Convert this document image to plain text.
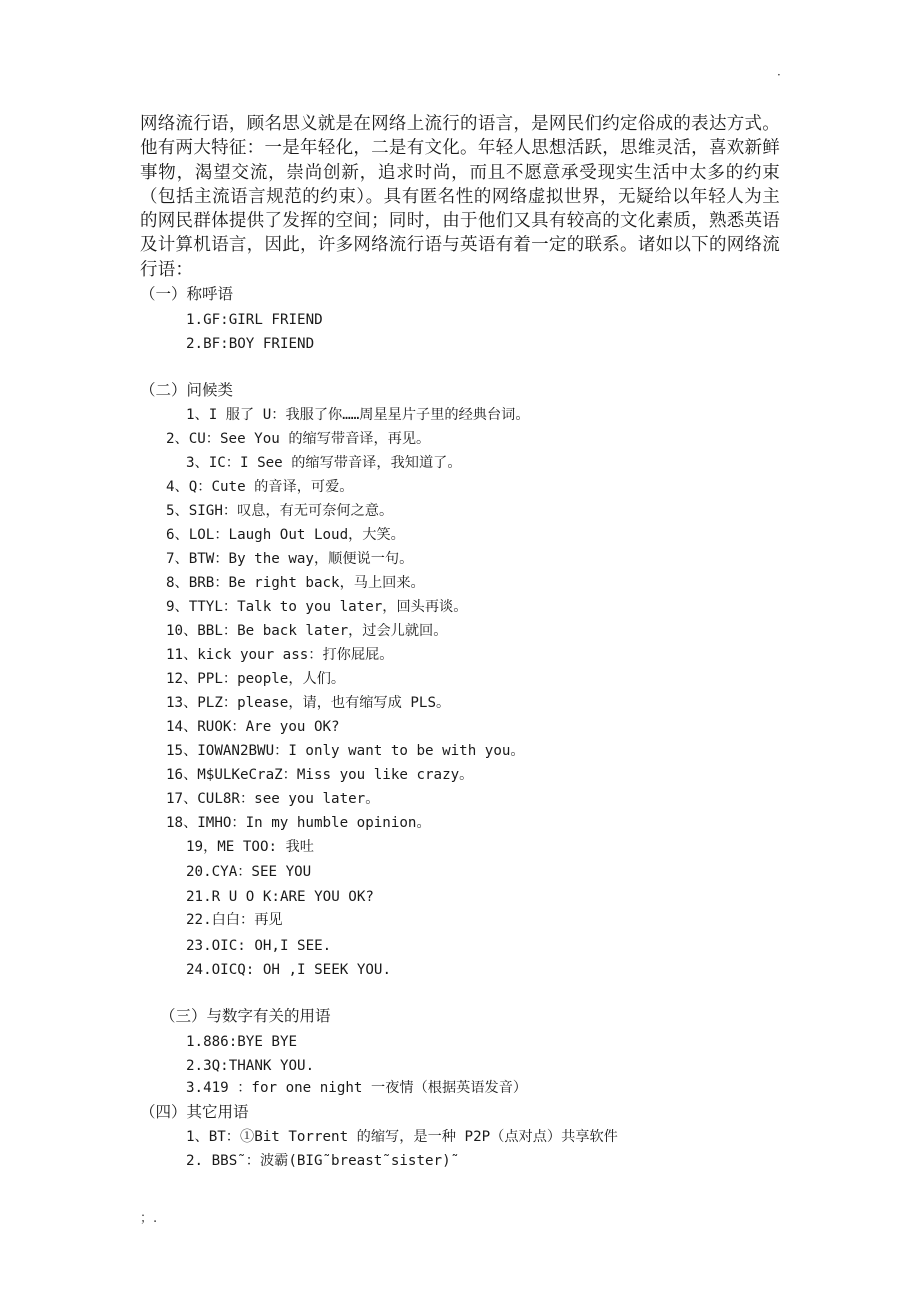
·
网络流行语，顾名思义就是在网络上流行的语言，是网民们约定俗成的表达方式。他有两大特征：一是年轻化，二是有文化。年轻人思想活跃，思维灵活，喜欢新鲜事物，渴望交流，崇尚创新，追求时尚，而且不愿意承受现实生活中太多的约束（包括主流语言规范的约束）。具有匿名性的网络虚拟世界，无疑给以年轻人为主的网民群体提供了发挥的空间；同时，由于他们又具有较高的文化素质，熟悉英语及计算机语言，因此，许多网络流行语与英语有着一定的联系。诸如以下的网络流行语：
（一）称呼语
1.GF:GIRL FRIEND
2.BF:BOY FRIEND
（二）问候类
1、I 服了 U：我服了你……周星星片子里的经典台词。
2、CU：See You 的缩写带音译，再见。
3、IC：I See 的缩写带音译，我知道了。
4、Q：Cute 的音译，可爱。
5、SIGH：叹息，有无可奈何之意。
6、LOL：Laugh Out Loud，大笑。
7、BTW：By the way，顺便说一句。
8、BRB：Be right back，马上回来。
9、TTYL：Talk to you later，回头再谈。
10、BBL：Be back later，过会儿就回。
11、kick your ass：打你屁屁。
12、PPL：people，人们。
13、PLZ：please，请，也有缩写成 PLS。
14、RUOK：Are you OK?
15、IOWAN2BWU：I only want to be with you。
16、M$ULKeCraZ：Miss you like crazy。
17、CUL8R：see you later。
18、IMHO：In my humble opinion。
19，ME TOO: 我吐
20.CYA：SEE YOU
21.R U O K:ARE YOU OK?
22.白白：再见
23.OIC: OH,I SEE.
24.OICQ: OH ,I SEEK YOU.
（三）与数字有关的用语
1.886:BYE BYE
2.3Q:THANK YOU.
3.419 ：for one night 一夜情（根据英语发音）
（四）其它用语
1、BT：①Bit Torrent 的缩写，是一种 P2P（点对点）共享软件
2. BBS˜：波霸(BIG˜breast˜sister)˜
；.
